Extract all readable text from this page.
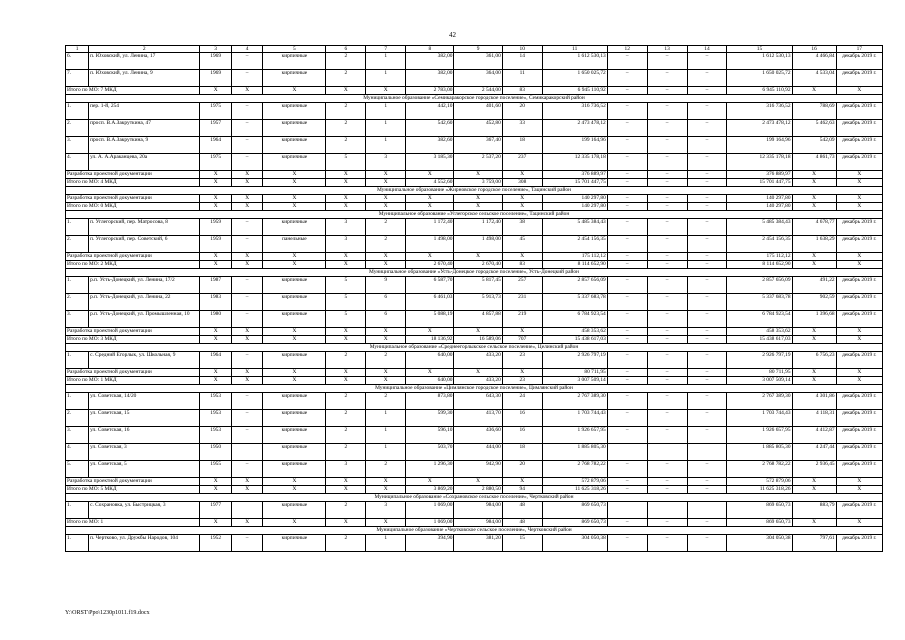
42
1	2	3	4	5	6	7	8	9	10	11	12	13	14	15	16	17
6.	п. Юховский, ул. Ленина, 17	1969	–	кирпичные	2	1	382,00	361,00	14	1 612 530,13	–	–	–	1 612 530,13	4 466,84	декабрь 2019 г.
7.	п. Юховский, ул. Ленина, 9	1969	–	кирпичные	2	1	382,00	364,00	11	1 650 025,72	–	–	–	1 650 025,72	4 533,04	декабрь 2019 г.
Итого по МО: 7 МКД		X	X	X	X	X	2 783,00	2 544,00	83	6 945 110,92	–	–	–	6 945 110,92	X	X
Муниципальное образование «Семикаракорское городское поселение», Семикаракорский район																
1.	пер. 1-й, 254	1975	–	кирпичные	2	1	442,10	401,60	20	316 736,52	–	–	–	316 736,52	788,69	декабрь 2019 г.
2.	просп. В.А.Закруткина, 47	1957	–	кирпичные	2	1	542,60	452,80	33	2 473 478,12	–	–	–	2 473 478,12	5 462,63	декабрь 2019 г.
3.	просп. В.А.Закруткина, 9	1964	–	кирпичные	2	1	382,60	367,40	18	199 164,96	–	–	–	199 164,96	542,09	декабрь 2019 г.
4.	ул. А. А.Араканцева, 20а	1975	–	кирпичные	5	3	3 185,30	2 537,20	237	12 335 178,18	–	–	–	12 335 178,18	4 861,73	декабрь 2019 г.
Разработка проектной документации		X	X	X	X	X	X	X	X	376 889,97	–	–	–	376 889,97	X	X
Итого по МО: 4 МКД		X	X	X	X	X	4 552,60	3 759,00	308	15 701 447,75	–	–	–	15 701 447,75	X	X
Муниципальное образование «Жирновское городское поселение», Тацинский район																
Разработка проектной документации		X	X	X	X	X	X	X	X	140 297,80	–	–	–	140 297,80	X	X
Итого по МО: 0 МКД		X	X	X	X	X	X	X	X	140 297,80	–	–	–	140 297,80	X	X
Муниципальное образование «Углегорское сельское поселение», Тацинский район																
1.	п. Углегорский, пер. Матросова, 8	1959	–	кирпичные	3	2	1 172,40	1 172,40	38	5 485 384,43	–	–	–	5 485 384,43	4 678,77	декабрь 2019 г.
2.	п. Углегорский, пер. Советский, 6	1959	–	панельные	3	2	1 498,00	1 498,00	45	2 454 156,35	–	–	–	2 454 156,35	1 638,29	декабрь 2019 г.
Разработка проектной документации		X	X	X	X	X	X	X	X	175 112,12	–	–	–	175 112,12	X	X
Итого по МО: 2 МКД		X	X	X	X	X	2 670,40	2 670,40	83	8 114 652,90	–	–	–	8 114 652,90	X	X
Муниципальное образование «Усть-Донецкое городское поселение», Усть-Донецкий район																
1.	р.п. Усть-Донецкий, ул. Ленина, 17/2	1987	–	кирпичные	5	9	6 587,70	5 817,45	257	2 857 656,09	–	–	–	2 857 656,09	491,22	декабрь 2019 г.
2.	р.п. Усть-Донецкий, ул. Ленина, 22	1983	–	кирпичные	5	6	6 461,03	5 913,73	231	5 337 683,78	–	–	–	5 337 683,78	902,59	декабрь 2019 г.
3.	р.п. Усть-Донецкий, ул. Промышленная, 10	1980	–	кирпичные	5	6	5 088,19	4 857,88	219	6 784 923,54	–	–	–	6 784 923,54	1 396,68	декабрь 2019 г.
Разработка проектной документации		X	X	X	X	X	X	X	X	458 353,62	–	–	–	458 353,62	X	X
Итого по МО: 3 МКД		X	X	X	X	X	18 136,92	16 589,06	707	15 438 617,03	–	–	–	15 438 617,03	X	X
Муниципальное образование «Среднеегорлыкское сельское поселение», Целинский район																
1.	с. Средний Егорлык, ул. Школьная, 9	1964	–	кирпичные	2	2	640,00	433,20	23	2 926 797,19	–	–	–	2 926 797,19	6 756,23	декабрь 2019 г.
Разработка проектной документации		X	X	X	X	X	X	X	X	80 711,95	–	–	–	80 711,95	X	X
Итого по МО: 1 МКД		X	X	X	X	X	640,00	433,20	23	3 007 509,14	–	–	–	3 007 509,14	X	X
Муниципальное образование «Цимлянское городское поселение», Цимлянский район																
1.	ул. Советская, 14/20	1953	–	кирпичные	2	2	873,80	643,30	24	2 767 389,30	–	–	–	2 767 389,30	4 301,86	декабрь 2019 г.
2.	ул. Советская, 15	1953	–	кирпичные	2	1	599,30	413,70	16	1 703 744,43	–	–	–	1 703 744,43	4 118,31	декабрь 2019 г.
3.	ул. Советская, 16	1953	–	кирпичные	2	1	596,10	436,60	16	1 926 657,95	–	–	–	1 926 657,95	4 412,87	декабрь 2019 г.
4.	ул. Советская, 3	1950		кирпичные	2	1	503,70	444,00	18	1 885 805,30				1 885 805,30	4 247,44	декабрь 2019 г.
5.	ул. Советская, 5	1955	–	кирпичные	3	2	1 296,30	942,90	20	2 768 782,22	–	–	–	2 768 782,22	2 936,45	декабрь 2019 г.
Разработка проектной документации		X	X	X	X	X	X	X	X	572 879,06	–	–	–	572 879,06	X	X
Итого по МО: 5 МКД		X	X	X	X	X	3 869,20	2 880,50	94	11 625 318,26	–	–	–	11 625 318,26	X	X
Муниципальное образование «Сохрановское сельское поселение», Чертковский район																
1.	с. Сохрановка, ул. Быстрицкая, 3	1977		кирпичные	2	3	1 069,00	984,00	48	869 650,73				869 650,73	883,79	декабрь 2019 г.
Итого по МО: 1		X	X	X	X	X	1 069,00	984,00	48	869 650,73	–	–	–	869 650,73	X	X
Муниципальное образование «Чертковское сельское поселение», Чертковский район																
1.	п. Чертково, ул. Дружбы Народов, 104	1952	–	кирпичные	2	1	394,90	381,20	15	304 050,38	–	–	–	304 050,38	797,61	декабрь 2019 г.
Y:\ORST\Ppo\1230p1011.f19.docx
